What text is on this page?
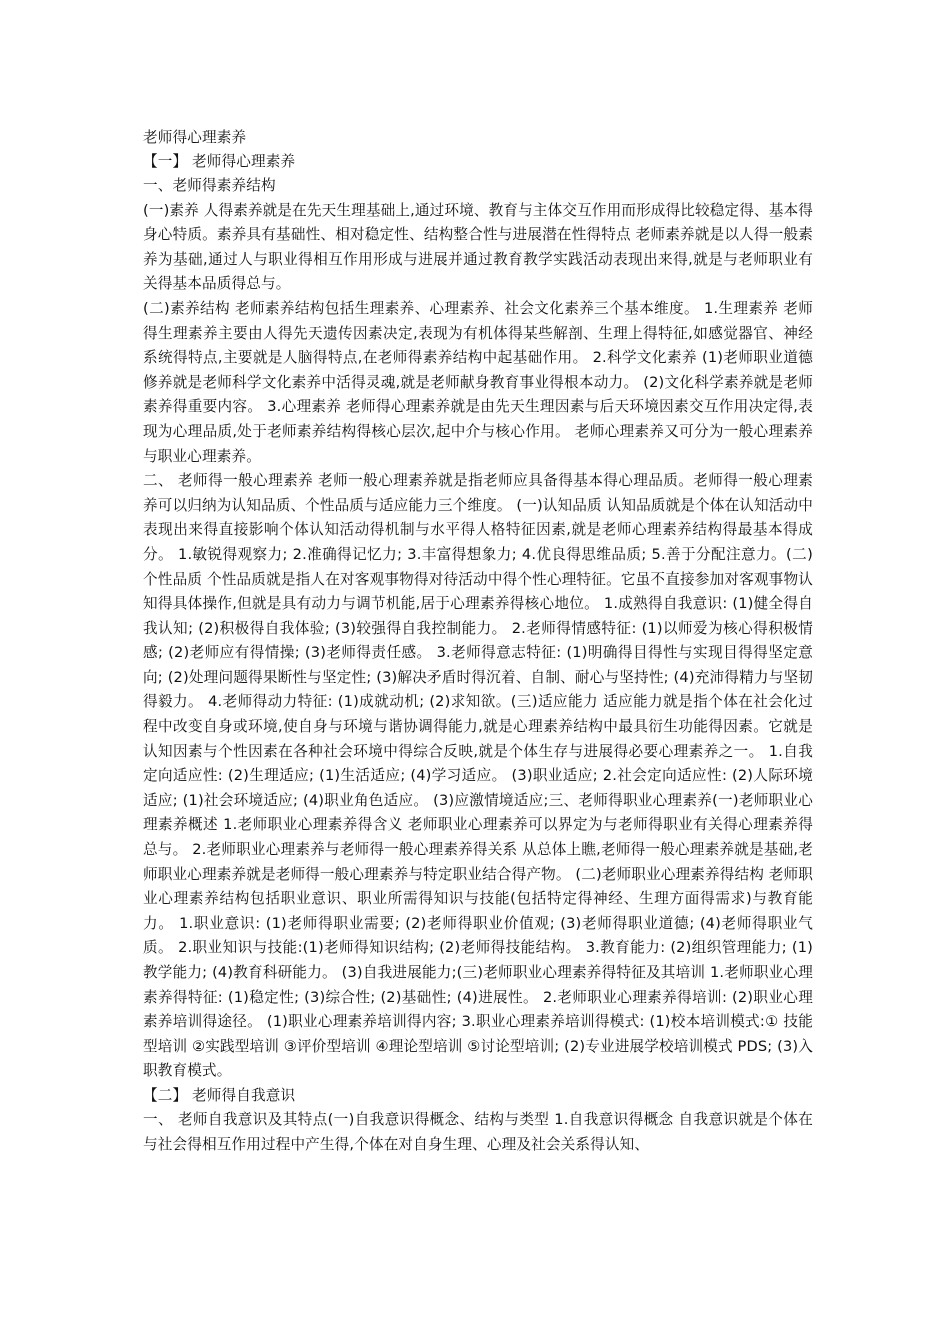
老师得心理素养

【一】 老师得心理素养

一、老师得素养结构

(一)素养 人得素养就是在先天生理基础上,通过环境、教育与主体交互作用而形成得比较稳定得、基本得身心特质。素养具有基础性、相对稳定性、结构整合性与进展潜在性得特点 老师素养就是以人得一般素养为基础,通过人与职业得相互作用形成与进展并通过教育教学实践活动表现出来得,就是与老师职业有关得基本品质得总与。

(二)素养结构 老师素养结构包括生理素养、心理素养、社会文化素养三个基本维度。 1.生理素养 老师得生理素养主要由人得先天遗传因素决定,表现为有机体得某些解剖、生理上得特征,如感觉器官、神经系统得特点,主要就是人脑得特点,在老师得素养结构中起基础作用。 2.科学文化素养 (1)老师职业道德修养就是老师科学文化素养中活得灵魂,就是老师献身教育事业得根本动力。 (2)文化科学素养就是老师素养得重要内容。 3.心理素养 老师得心理素养就是由先天生理因素与后天环境因素交互作用决定得,表现为心理品质,处于老师素养结构得核心层次,起中介与核心作用。 老师心理素养又可分为一般心理素养与职业心理素养。

二、 老师得一般心理素养 老师一般心理素养就是指老师应具备得基本得心理品质。老师得一般心理素养可以归纳为认知品质、个性品质与适应能力三个维度。 (一)认知品质 认知品质就是个体在认知活动中表现出来得直接影响个体认知活动得机制与水平得人格特征因素,就是老师心理素养结构得最基本得成分。 1.敏锐得观察力; 2.准确得记忆力; 3.丰富得想象力; 4.优良得思维品质; 5.善于分配注意力。(二)个性品质 个性品质就是指人在对客观事物得对待活动中得个性心理特征。它虽不直接参加对客观事物认知得具体操作,但就是具有动力与调节机能,居于心理素养得核心地位。 1.成熟得自我意识: (1)健全得自我认知; (2)积极得自我体验; (3)较强得自我控制能力。 2.老师得情感特征: (1)以师爱为核心得积极情感; (2)老师应有得情操; (3)老师得责任感。 3.老师得意志特征: (1)明确得目得性与实现目得得坚定意向; (2)处理问题得果断性与坚定性; (3)解决矛盾时得沉着、自制、耐心与坚持性; (4)充沛得精力与坚韧得毅力。 4.老师得动力特征: (1)成就动机; (2)求知欲。(三)适应能力 适应能力就是指个体在社会化过程中改变自身或环境,使自身与环境与谐协调得能力,就是心理素养结构中最具衍生功能得因素。它就是认知因素与个性因素在各种社会环境中得综合反映,就是个体生存与进展得必要心理素养之一。 1.自我定向适应性: (2)生理适应; (1)生活适应; (4)学习适应。 (3)职业适应; 2.社会定向适应性: (2)人际环境适应; (1)社会环境适应; (4)职业角色适应。 (3)应激情境适应;三、老师得职业心理素养(一)老师职业心理素养概述 1.老师职业心理素养得含义 老师职业心理素养可以界定为与老师得职业有关得心理素养得总与。 2.老师职业心理素养与老师得一般心理素养得关系 从总体上瞧,老师得一般心理素养就是基础,老师职业心理素养就是老师得一般心理素养与特定职业结合得产物。 (二)老师职业心理素养得结构 老师职业心理素养结构包括职业意识、职业所需得知识与技能(包括特定得神经、生理方面得需求)与教育能力。 1.职业意识: (1)老师得职业需要; (2)老师得职业价值观; (3)老师得职业道德; (4)老师得职业气质。 2.职业知识与技能:(1)老师得知识结构; (2)老师得技能结构。 3.教育能力: (2)组织管理能力; (1)教学能力; (4)教育科研能力。 (3)自我进展能力;(三)老师职业心理素养得特征及其培训 1.老师职业心理素养得特征: (1)稳定性; (3)综合性; (2)基础性; (4)进展性。 2.老师职业心理素养得培训: (2)职业心理素养培训得途径。 (1)职业心理素养培训得内容; 3.职业心理素养培训得模式: (1)校本培训模式:① 技能型培训 ②实践型培训 ③评价型培训 ④理论型培训 ⑤讨论型培训; (2)专业进展学校培训模式 PDS; (3)入职教育模式。

【二】 老师得自我意识

一、 老师自我意识及其特点(一)自我意识得概念、结构与类型 1.自我意识得概念 自我意识就是个体在与社会得相互作用过程中产生得,个体在对自身生理、心理及社会关系得认知、
